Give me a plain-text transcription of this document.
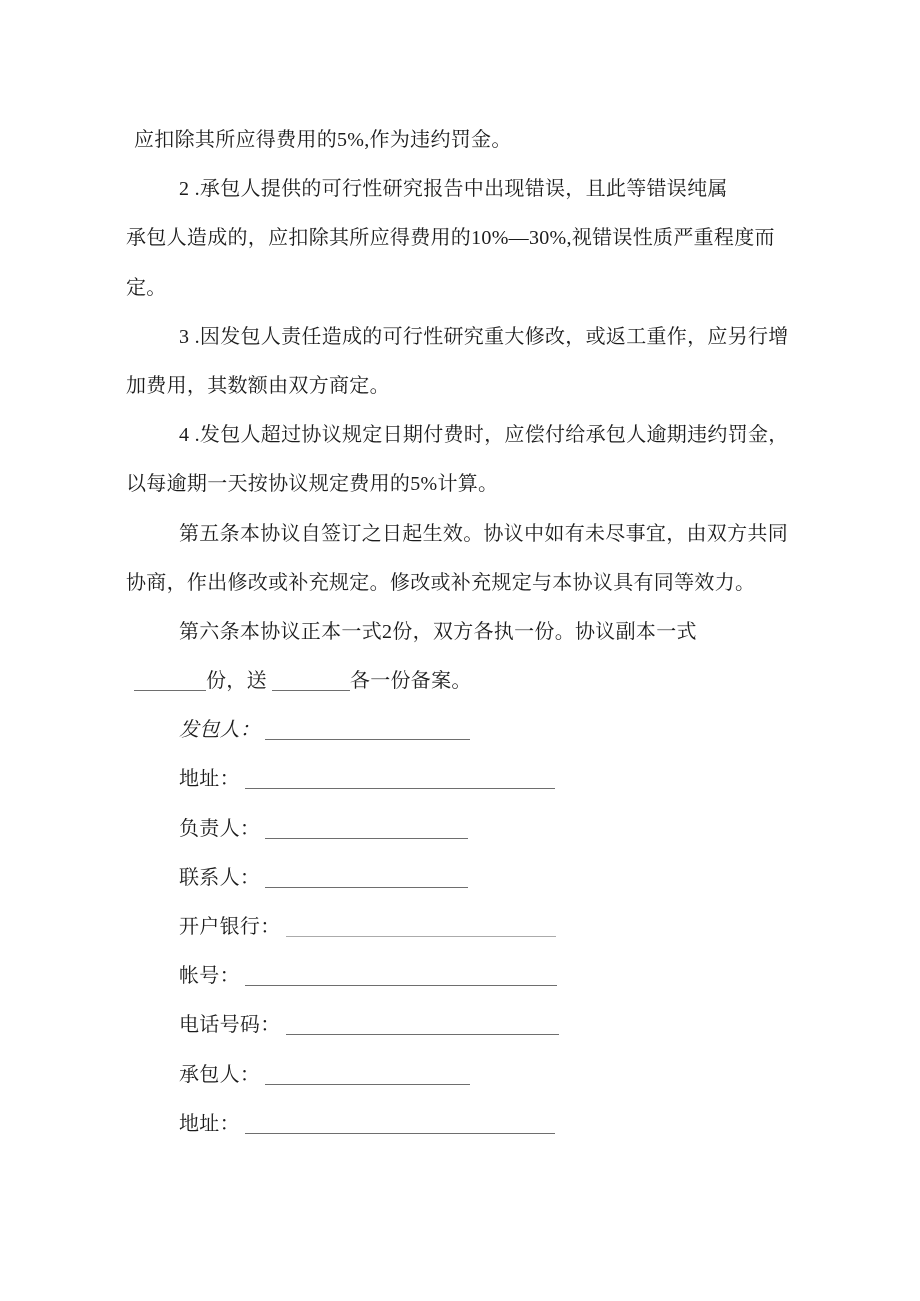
应扣除其所应得费用的5%,作为违约罚金。
2 .承包人提供的可行性研究报告中出现错误，且此等错误纯属
承包人造成的，应扣除其所应得费用的10%—30%,视错误性质严重程度而
定。
3 .因发包人责任造成的可行性研究重大修改，或返工重作，应另行增
加费用，其数额由双方商定。
4 .发包人超过协议规定日期付费时，应偿付给承包人逾期违约罚金，
以每逾期一天按协议规定费用的5%计算。
第五条本协议自签订之日起生效。协议中如有未尽事宜，由双方共同
协商，作出修改或补充规定。修改或补充规定与本协议具有同等效力。
第六条本协议正本一式2份，双方各执一份。协议副本一式
份，送	各一份备案。
发包人：
地址：
负责人：
联系人：
开户银行：
帐号：
电话号码：
承包人：
地址：
